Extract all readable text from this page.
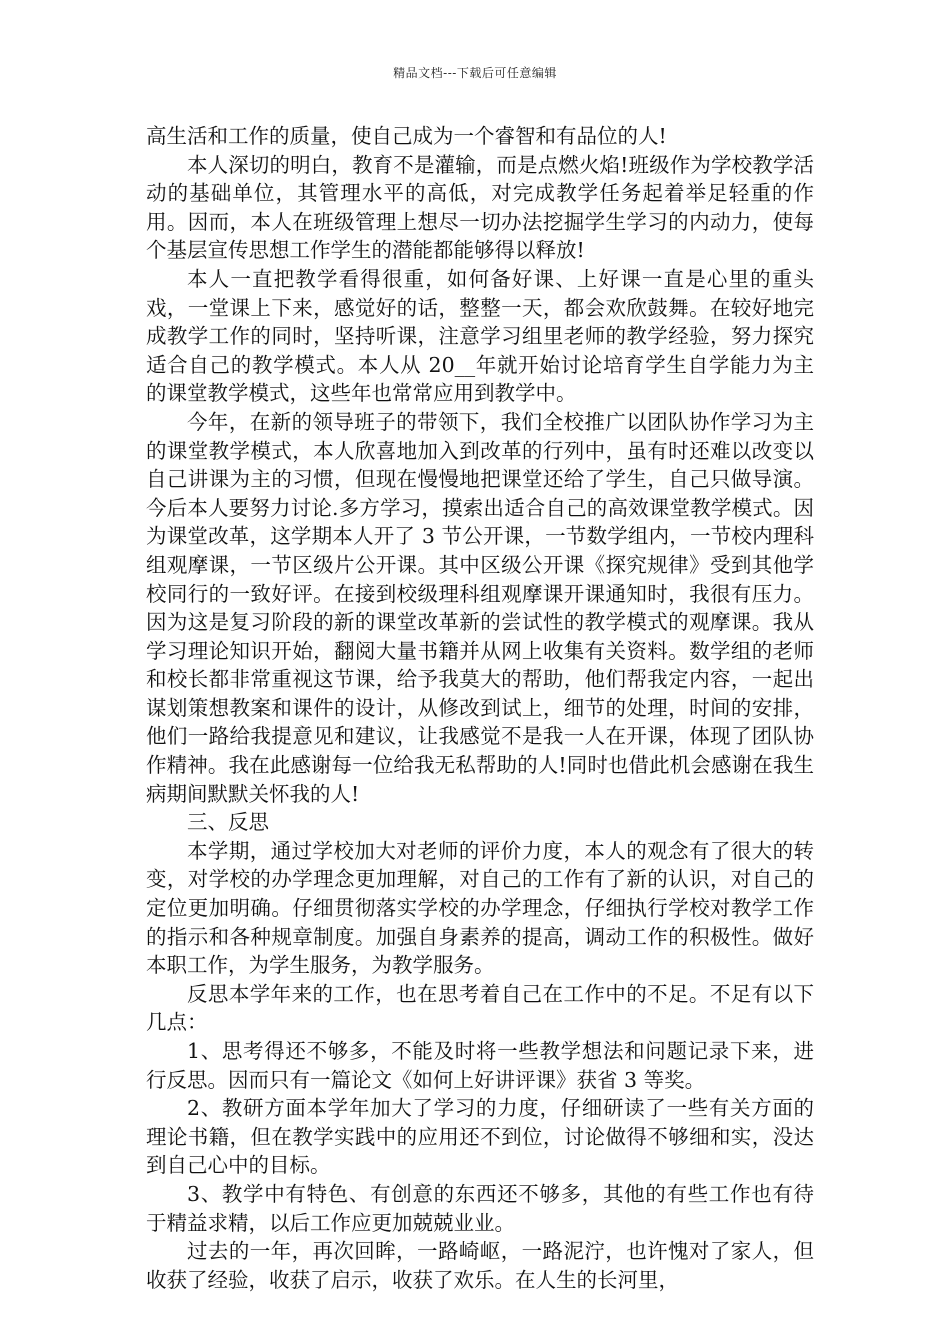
精品文档---下载后可任意编辑

高生活和工作的质量，使自己成为一个睿智和有品位的人!

本人深切的明白，教育不是灌输，而是点燃火焰!班级作为学校教学活动的基础单位，其管理水平的高低，对完成教学任务起着举足轻重的作用。因而，本人在班级管理上想尽一切办法挖掘学生学习的内动力，使每个基层宣传思想工作学生的潜能都能够得以释放!

本人一直把教学看得很重，如何备好课、上好课一直是心里的重头戏，一堂课上下来，感觉好的话，整整一天，都会欢欣鼓舞。在较好地完成教学工作的同时，坚持听课，注意学习组里老师的教学经验，努力探究适合自己的教学模式。本人从 20__年就开始讨论培育学生自学能力为主的课堂教学模式，这些年也常常应用到教学中。

今年，在新的领导班子的带领下，我们全校推广以团队协作学习为主的课堂教学模式，本人欣喜地加入到改革的行列中，虽有时还难以改变以自己讲课为主的习惯，但现在慢慢地把课堂还给了学生，自己只做导演。今后本人要努力讨论.多方学习，摸索出适合自己的高效课堂教学模式。因为课堂改革，这学期本人开了 3 节公开课，一节数学组内，一节校内理科组观摩课，一节区级片公开课。其中区级公开课《探究规律》受到其他学校同行的一致好评。在接到校级理科组观摩课开课通知时，我很有压力。因为这是复习阶段的新的课堂改革新的尝试性的教学模式的观摩课。我从学习理论知识开始，翻阅大量书籍并从网上收集有关资料。数学组的老师和校长都非常重视这节课，给予我莫大的帮助，他们帮我定内容，一起出谋划策想教案和课件的设计，从修改到试上，细节的处理，时间的安排，他们一路给我提意见和建议，让我感觉不是我一人在开课，体现了团队协作精神。我在此感谢每一位给我无私帮助的人!同时也借此机会感谢在我生病期间默默关怀我的人!

三、反思

本学期，通过学校加大对老师的评价力度，本人的观念有了很大的转变，对学校的办学理念更加理解，对自己的工作有了新的认识，对自己的定位更加明确。仔细贯彻落实学校的办学理念，仔细执行学校对教学工作的指示和各种规章制度。加强自身素养的提高，调动工作的积极性。做好本职工作，为学生服务，为教学服务。

反思本学年来的工作，也在思考着自己在工作中的不足。不足有以下几点：

1、思考得还不够多，不能及时将一些教学想法和问题记录下来，进行反思。因而只有一篇论文《如何上好讲评课》获省 3 等奖。

2、教研方面本学年加大了学习的力度，仔细研读了一些有关方面的理论书籍，但在教学实践中的应用还不到位，讨论做得不够细和实，没达到自己心中的目标。

3、教学中有特色、有创意的东西还不够多，其他的有些工作也有待于精益求精，以后工作应更加兢兢业业。

过去的一年，再次回眸，一路崎岖，一路泥泞，也许愧对了家人，但收获了经验，收获了启示，收获了欢乐。在人生的长河里，
